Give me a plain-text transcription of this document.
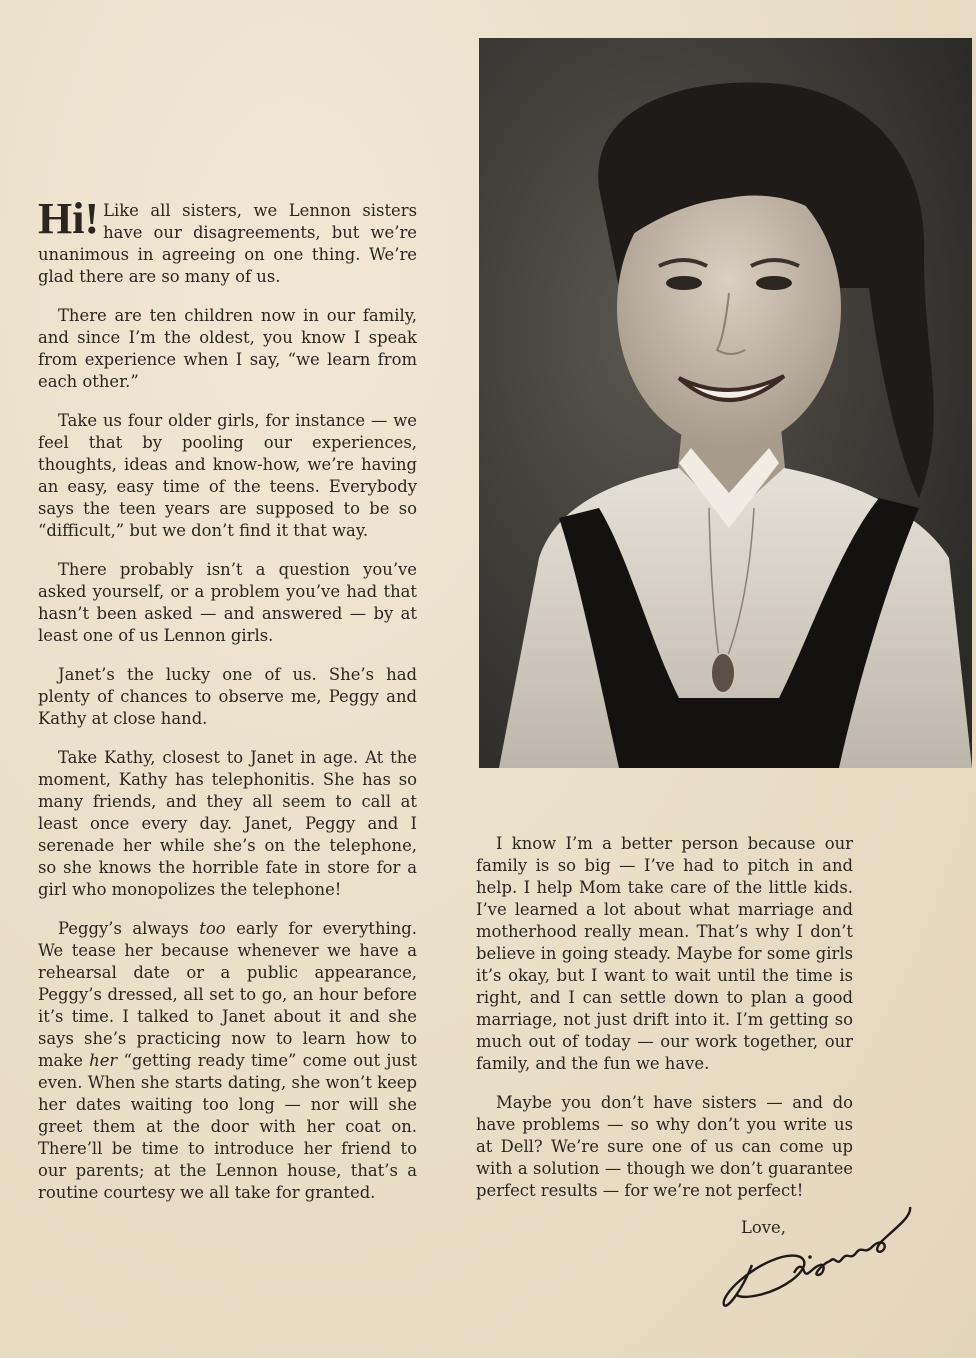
Hi! Like all sisters, we Lennon sisters have our disagreements, but we’re unanimous in agreeing on one thing. We’re glad there are so many of us.

There are ten children now in our family, and since I’m the oldest, you know I speak from experience when I say, “we learn from each other.”

Take us four older girls, for instance — we feel that by pooling our experiences, thoughts, ideas and know-how, we’re having an easy, easy time of the teens. Everybody says the teen years are supposed to be so “difficult,” but we don’t find it that way.

There probably isn’t a question you’ve asked yourself, or a problem you’ve had that hasn’t been asked — and answered — by at least one of us Lennon girls.

Janet’s the lucky one of us. She’s had plenty of chances to observe me, Peggy and Kathy at close hand.

Take Kathy, closest to Janet in age. At the moment, Kathy has telephonitis. She has so many friends, and they all seem to call at least once every day. Janet, Peggy and I serenade her while she’s on the telephone, so she knows the horrible fate in store for a girl who monopolizes the telephone!

Peggy’s always too early for everything. We tease her because whenever we have a rehearsal date or a public appearance, Peggy’s dressed, all set to go, an hour before it’s time. I talked to Janet about it and she says she’s practicing now to learn how to make her “getting ready time” come out just even. When she starts dating, she won’t keep her dates waiting too long — nor will she greet them at the door with her coat on. There’ll be time to introduce her friend to our parents; at the Lennon house, that’s a routine courtesy we all take for granted.

I know I’m a better person because our family is so big — I’ve had to pitch in and help. I help Mom take care of the little kids. I’ve learned a lot about what marriage and motherhood really mean. That’s why I don’t believe in going steady. Maybe for some girls it’s okay, but I want to wait until the time is right, and I can settle down to plan a good marriage, not just drift into it. I’m getting so much out of today — our work together, our family, and the fun we have.

Maybe you don’t have sisters — and do have problems — so why don’t you write us at Dell? We’re sure one of us can come up with a solution — though we don’t guarantee perfect results — for we’re not perfect!

Love,
